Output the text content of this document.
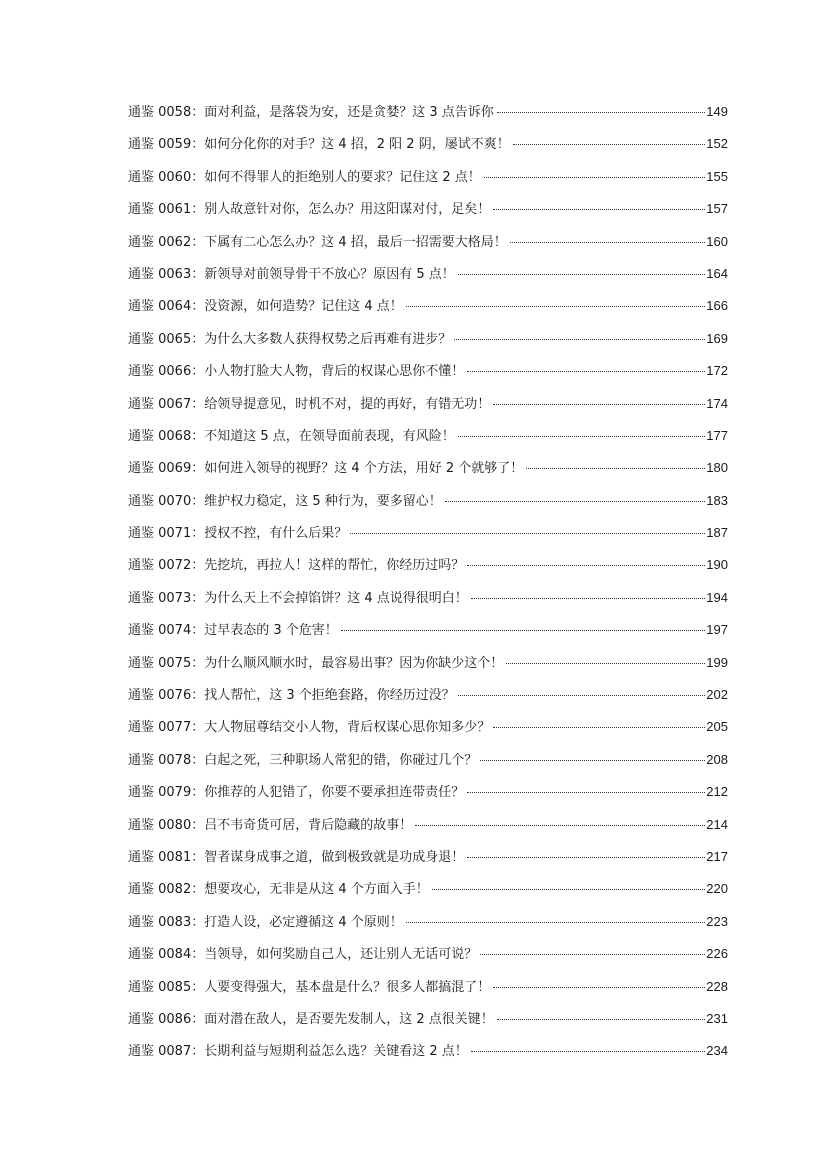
通鉴 0058： 面对利益，是落袋为安，还是贪婪？这 3 点告诉你	149
通鉴 0059： 如何分化你的对手？这 4 招，2 阳 2 阴，屡试不爽！	152
通鉴 0060： 如何不得罪人的拒绝别人的要求？记住这 2 点！	155
通鉴 0061： 别人故意针对你，怎么办？用这阳谋对付，足矣！	157
通鉴 0062： 下属有二心怎么办？这 4 招，最后一招需要大格局！	160
通鉴 0063： 新领导对前领导骨干不放心？原因有 5 点！	164
通鉴 0064： 没资源，如何造势？记住这 4 点！	166
通鉴 0065： 为什么大多数人获得权势之后再难有进步？	169
通鉴 0066： 小人物打脸大人物，背后的权谋心思你不懂！	172
通鉴 0067： 给领导提意见，时机不对，提的再好，有错无功！	174
通鉴 0068： 不知道这 5 点，在领导面前表现，有风险！	177
通鉴 0069： 如何进入领导的视野？这 4 个方法，用好 2 个就够了！	180
通鉴 0070： 维护权力稳定，这 5 种行为，要多留心！	183
通鉴 0071： 授权不控，有什么后果？	187
通鉴 0072： 先挖坑，再拉人！这样的帮忙，你经历过吗？	190
通鉴 0073： 为什么天上不会掉馅饼？这 4 点说得很明白！	194
通鉴 0074： 过早表态的 3 个危害！	197
通鉴 0075： 为什么顺风顺水时，最容易出事？因为你缺少这个！	199
通鉴 0076： 找人帮忙，这 3 个拒绝套路，你经历过没？	202
通鉴 0077： 大人物屈尊结交小人物，背后权谋心思你知多少？	205
通鉴 0078： 白起之死，三种职场人常犯的错，你碰过几个？	208
通鉴 0079： 你推荐的人犯错了，你要不要承担连带责任？	212
通鉴 0080： 吕不韦奇货可居，背后隐藏的故事！	214
通鉴 0081： 智者谋身成事之道，做到极致就是功成身退！	217
通鉴 0082： 想要攻心，无非是从这 4 个方面入手！	220
通鉴 0083： 打造人设，必定遵循这 4 个原则！	223
通鉴 0084： 当领导，如何奖励自己人，还让别人无话可说？	226
通鉴 0085： 人要变得强大，基本盘是什么？很多人都搞混了！	228
通鉴 0086： 面对潜在敌人，是否要先发制人，这 2 点很关键！	231
通鉴 0087： 长期利益与短期利益怎么选？关键看这 2 点！	234
